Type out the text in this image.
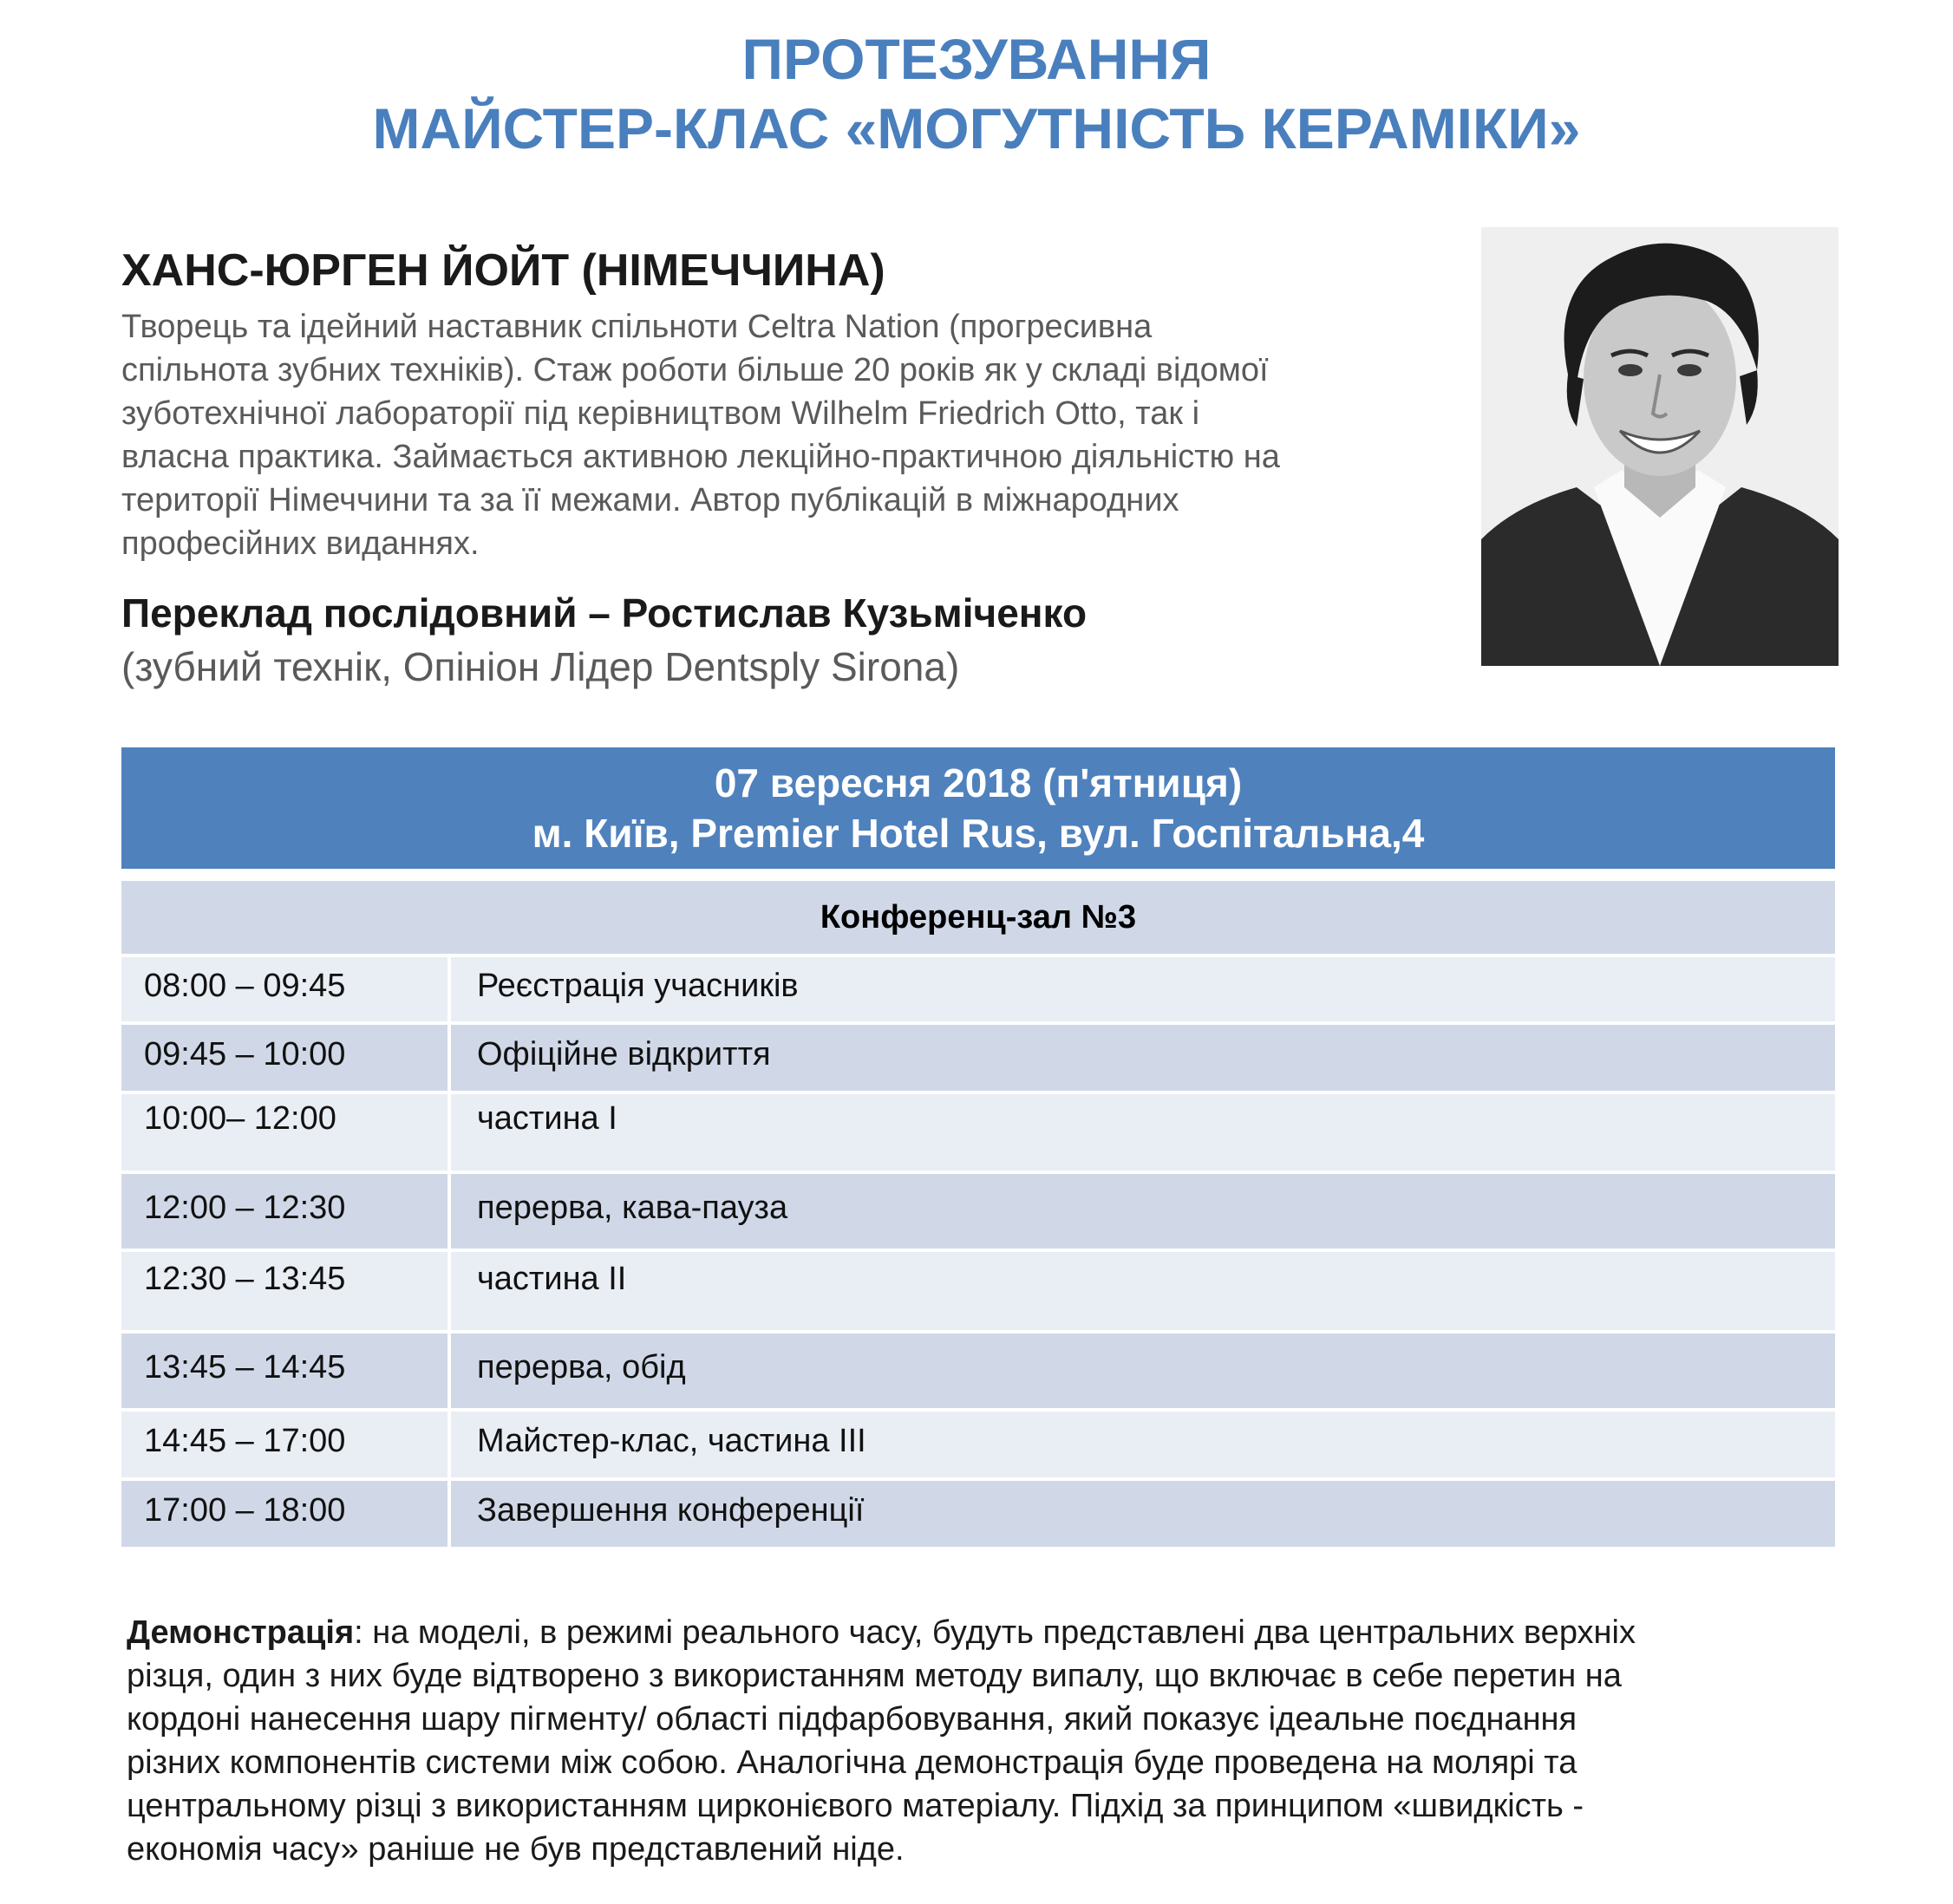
ПРОТЕЗУВАННЯ
МАЙСТЕР-КЛАС «МОГУТНІСТЬ КЕРАМІКИ»
ХАНС-ЮРГЕН ЙОЙТ (НІМЕЧЧИНА)
Творець та ідейний наставник спільноти Celtra Nation (прогресивна
спільнота зубних техніків). Стаж роботи більше 20 років як у складі відомої
зуботехнічної лабораторії під керівництвом Wilhelm Friedrich Otto, так і
власна практика. Займається активною лекційно-практичною діяльністю на
території Німеччини та за її межами. Автор публікацій в міжнародних
професійних виданнях.
Переклад послідовний – Ростислав Кузьміченко
(зубний технік, Опініон Лідер Dentsply Sirona)
07 вересня 2018 (п'ятниця)
м. Київ, Premier Hotel Rus, вул. Госпітальна,4
Конференц-зал №3
08:00 – 09:45	Реєстрація учасників
09:45 – 10:00	Офіційне відкриття
10:00– 12:00	частина I
12:00 – 12:30	перерва, кава-пауза
12:30 – 13:45	частина II
13:45 – 14:45	перерва, обід
14:45 – 17:00	Майстер-клас, частина III
17:00 – 18:00	Завершення конференції
Демонстрація: на моделі, в режимі реального часу, будуть представлені два центральних верхніх
різця, один з них буде відтворено з використанням методу випалу, що включає в себе перетин на
кордоні нанесення шару пігменту/ області підфарбовування, який показує ідеальне поєднання
різних компонентів системи між собою. Аналогічна демонстрація буде проведена на молярі та
центральному різці з використанням цирконієвого матеріалу. Підхід за принципом «швидкість -
економія часу» раніше не був представлений ніде.
